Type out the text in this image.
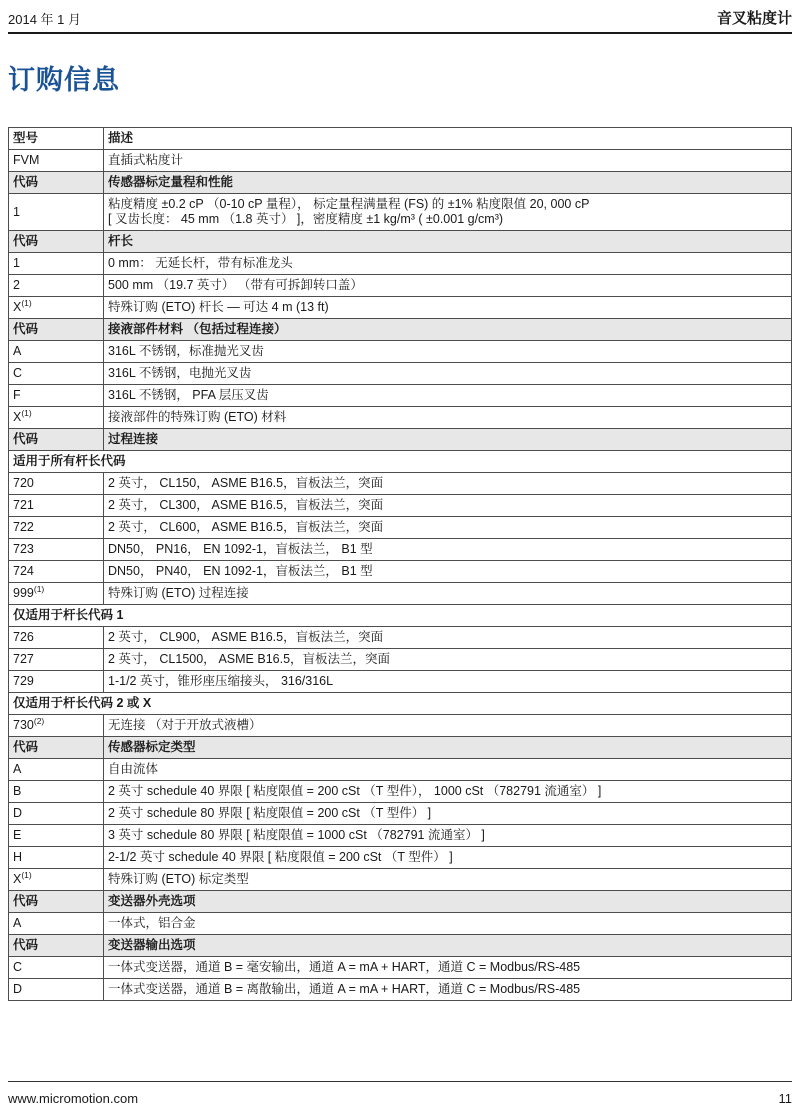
2014 年 1 月	音叉粘度计
订购信息
型号	描述
FVM	直插式粘度计
代码	传感器标定量程和性能
1	粘度精度 ±0.2 cP （0-10 cP 量程）， 标定量程满量程 (FS) 的 ±1% 粘度限值 20, 000 cP
[ 叉齿长度： 45 mm （1.8 英寸） ]，密度精度 ±1 kg/m³ ( ±0.001 g/cm³)
代码	杆长
1	0 mm： 无延长杆，带有标准龙头
2	500 mm （19.7 英寸） （带有可拆卸转口盖）
$X^{(1)}$	特殊订购 (ETO) 杆长 — 可达 4 m (13 ft)
代码	接液部件材料 （包括过程连接）
A	316L 不锈钢，标准抛光叉齿
C	316L 不锈钢，电抛光叉齿
F	316L 不锈钢， PFA 层压叉齿
$X^{(1)}$	接液部件的特殊订购 (ETO) 材料
代码	过程连接
适用于所有杆长代码	
720	2 英寸， CL150， ASME B16.5，盲板法兰，突面
721	2 英寸， CL300， ASME B16.5，盲板法兰，突面
722	2 英寸， CL600， ASME B16.5，盲板法兰，突面
723	DN50， PN16， EN 1092-1，盲板法兰， B1 型
724	DN50， PN40， EN 1092-1，盲板法兰， B1 型
999$^{(1)}$	特殊订购 (ETO) 过程连接
仅适用于杆长代码 1	
726	2 英寸， CL900， ASME B16.5，盲板法兰，突面
727	2 英寸， CL1500， ASME B16.5，盲板法兰，突面
729	1-1/2 英寸，锥形座压缩接头， 316/316L
仅适用于杆长代码 2 或 X	
730$^{(2)}$	无连接 （对于开放式液槽）
代码	传感器标定类型
A	自由流体
B	2 英寸 schedule 40 界限 [ 粘度限值 = 200 cSt （T 型件）， 1000 cSt （782791 流通室） ]
D	2 英寸 schedule 80 界限 [ 粘度限值 = 200 cSt （T 型件） ]
E	3 英寸 schedule 80 界限 [ 粘度限值 = 1000 cSt （782791 流通室） ]
H	2-1/2 英寸 schedule 40 界限 [ 粘度限值 = 200 cSt （T 型件） ]
$X^{(1)}$	特殊订购 (ETO) 标定类型
代码	变送器外壳选项
A	一体式，铝合金
代码	变送器输出选项
C	一体式变送器，通道 B = 毫安输出，通道 A = mA + HART，通道 C = Modbus/RS-485
D	一体式变送器，通道 B = 离散输出，通道 A = mA + HART，通道 C = Modbus/RS-485
www.micromotion.com	11
